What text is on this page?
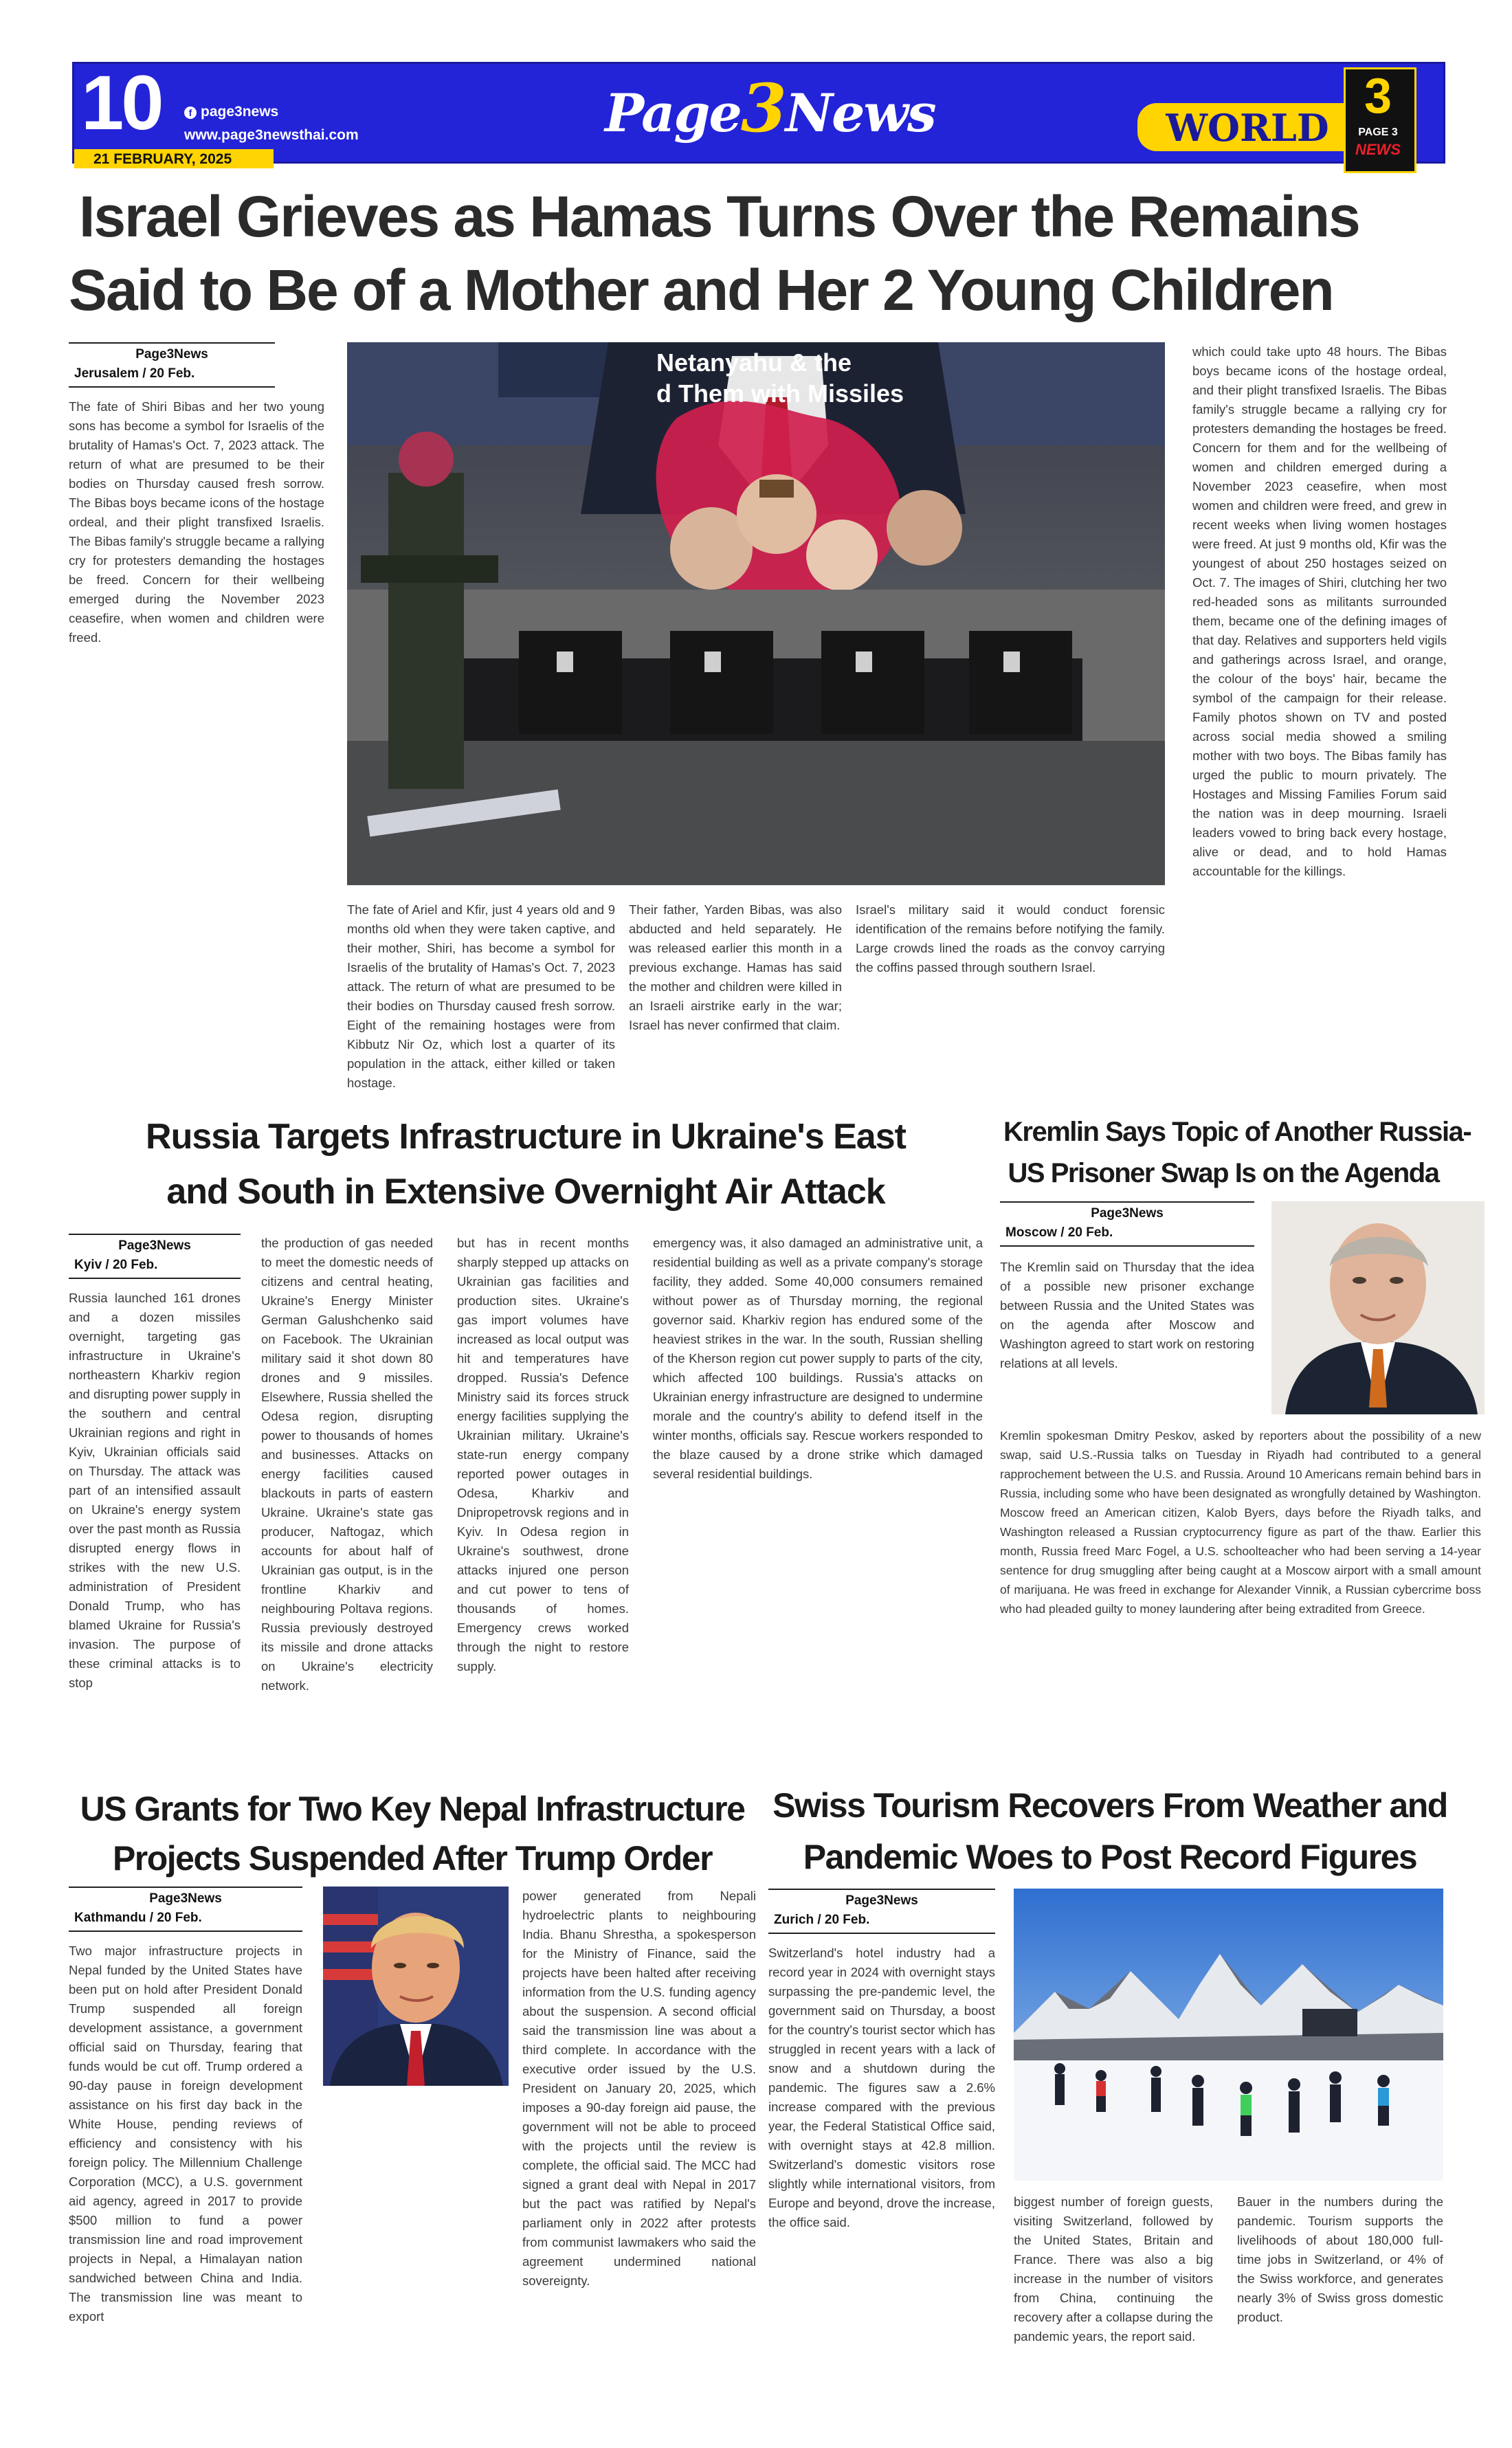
10	f page3news
www.page3newsthai.com
21 FEBRUARY, 2025
Page3News	WORLD
3
PAGE 3
NEWS
Israel Grieves as Hamas Turns Over the Remains
Said to Be of a Mother and Her 2 Young Children
Page3News
Jerusalem / 20 Feb.

The fate of Shiri Bibas and her two young sons has become a symbol for Israelis of the brutality of Hamas's Oct. 7, 2023 attack. The return of what are presumed to be their bodies on Thursday caused fresh sorrow. The Bibas boys became icons of the hostage ordeal, and their plight transfixed Israelis. The Bibas family's struggle became a rallying cry for protesters demanding the hostages be freed. Concern for their wellbeing emerged during the November 2023 ceasefire, when women and children were freed.

Netanyahu & the
d Them with Missiles

The fate of Ariel and Kfir, just 4 years old and 9 months old when they were taken captive, and their mother, Shiri, has become a symbol for Israelis of the brutality of Hamas's Oct. 7, 2023 attack. The return of what are presumed to be their bodies on Thursday caused fresh sorrow. Eight of the remaining hostages were from Kibbutz Nir Oz, which lost a quarter of its population in the attack, either killed or taken hostage.

Their father, Yarden Bibas, was also abducted and held separately. He was released earlier this month in a previous exchange. Hamas has said the mother and children were killed in an Israeli airstrike early in the war; Israel has never confirmed that claim.

Israel's military said it would conduct forensic identification of the remains before notifying the family. Large crowds lined the roads as the convoy carrying the coffins passed through southern Israel.

which could take upto 48 hours. The Bibas boys became icons of the hostage ordeal, and their plight transfixed Israelis. The Bibas family's struggle became a rallying cry for protesters demanding the hostages be freed. Concern for them and for the wellbeing of women and children emerged during a November 2023 ceasefire, when most women and children were freed, and grew in recent weeks when living women hostages were freed. At just 9 months old, Kfir was the youngest of about 250 hostages seized on Oct. 7. The images of Shiri, clutching her two red-headed sons as militants surrounded them, became one of the defining images of that day. Relatives and supporters held vigils and gatherings across Israel, and orange, the colour of the boys' hair, became the symbol of the campaign for their release. Family photos shown on TV and posted across social media showed a smiling mother with two boys. The Bibas family has urged the public to mourn privately. The Hostages and Missing Families Forum said the nation was in deep mourning. Israeli leaders vowed to bring back every hostage, alive or dead, and to hold Hamas accountable for the killings.

Russia Targets Infrastructure in Ukraine's East
and South in Extensive Overnight Air Attack
Page3News
Kyiv / 20 Feb.

Russia launched 161 drones and a dozen missiles overnight, targeting gas infrastructure in Ukraine's northeastern Kharkiv region and disrupting power supply in the southern and central Ukrainian regions and right in Kyiv, Ukrainian officials said on Thursday. The attack was part of an intensified assault on Ukraine's energy system over the past month as Russia disrupted energy flows in strikes with the new U.S. administration of President Donald Trump, who has blamed Ukraine for Russia's invasion. The purpose of these criminal attacks is to stop

the production of gas needed to meet the domestic needs of citizens and central heating, Ukraine's Energy Minister German Galushchenko said on Facebook. The Ukrainian military said it shot down 80 drones and 9 missiles. Elsewhere, Russia shelled the Odesa region, disrupting power to thousands of homes and businesses. Attacks on energy facilities caused blackouts in parts of eastern Ukraine. Ukraine's state gas producer, Naftogaz, which accounts for about half of Ukrainian gas output, is in the frontline Kharkiv and neighbouring Poltava regions. Russia previously destroyed its missile and drone attacks on Ukraine's electricity network.

but has in recent months sharply stepped up attacks on Ukrainian gas facilities and production sites. Ukraine's gas import volumes have increased as local output was hit and temperatures have dropped. Russia's Defence Ministry said its forces struck energy facilities supplying the Ukrainian military. Ukraine's state-run energy company reported power outages in Odesa, Kharkiv and Dnipropetrovsk regions and in Kyiv. In Odesa region in Ukraine's southwest, drone attacks injured one person and cut power to tens of thousands of homes. Emergency crews worked through the night to restore supply.

emergency was, it also damaged an administrative unit, a residential building as well as a private company's storage facility, they added. Some 40,000 consumers remained without power as of Thursday morning, the regional governor said. Kharkiv region has endured some of the heaviest strikes in the war. In the south, Russian shelling of the Kherson region cut power supply to parts of the city, which affected 100 buildings. Russia's attacks on Ukrainian energy infrastructure are designed to undermine morale and the country's ability to defend itself in the winter months, officials say. Rescue workers responded to the blaze caused by a drone strike which damaged several residential buildings.

Kremlin Says Topic of Another Russia-
US Prisoner Swap Is on the Agenda
Page3News
Moscow / 20 Feb.

The Kremlin said on Thursday that the idea of a possible new prisoner exchange between Russia and the United States was on the agenda after Moscow and Washington agreed to start work on restoring relations at all levels.

Kremlin spokesman Dmitry Peskov, asked by reporters about the possibility of a new swap, said U.S.-Russia talks on Tuesday in Riyadh had contributed to a general rapprochement between the U.S. and Russia. Around 10 Americans remain behind bars in Russia, including some who have been designated as wrongfully detained by Washington. Moscow freed an American citizen, Kalob Byers, days before the Riyadh talks, and Washington released a Russian cryptocurrency figure as part of the thaw. Earlier this month, Russia freed Marc Fogel, a U.S. schoolteacher who had been serving a 14-year sentence for drug smuggling after being caught at a Moscow airport with a small amount of marijuana. He was freed in exchange for Alexander Vinnik, a Russian cybercrime boss who had pleaded guilty to money laundering after being extradited from Greece.

US Grants for Two Key Nepal Infrastructure
Projects Suspended After Trump Order
Page3News
Kathmandu / 20 Feb.

Two major infrastructure projects in Nepal funded by the United States have been put on hold after President Donald Trump suspended all foreign development assistance, a government official said on Thursday, fearing that funds would be cut off. Trump ordered a 90-day pause in foreign development assistance on his first day back in the White House, pending reviews of efficiency and consistency with his foreign policy. The Millennium Challenge Corporation (MCC), a U.S. government aid agency, agreed in 2017 to provide $500 million to fund a power transmission line and road improvement projects in Nepal, a Himalayan nation sandwiched between China and India. The transmission line was meant to export

power generated from Nepali hydroelectric plants to neighbouring India. Bhanu Shrestha, a spokesperson for the Ministry of Finance, said the projects have been halted after receiving information from the U.S. funding agency about the suspension. A second official said the transmission line was about a third complete. In accordance with the executive order issued by the U.S. President on January 20, 2025, which imposes a 90-day foreign aid pause, the government will not be able to proceed with the projects until the review is complete, the official said. The MCC had signed a grant deal with Nepal in 2017 but the pact was ratified by Nepal's parliament only in 2022 after protests from communist lawmakers who said the agreement undermined national sovereignty.

Swiss Tourism Recovers From Weather and
Pandemic Woes to Post Record Figures
Page3News
Zurich / 20 Feb.

Switzerland's hotel industry had a record year in 2024 with overnight stays surpassing the pre-pandemic level, the government said on Thursday, a boost for the country's tourist sector which has struggled in recent years with a lack of snow and a shutdown during the pandemic. The figures saw a 2.6% increase compared with the previous year, the Federal Statistical Office said, with overnight stays at 42.8 million. Switzerland's domestic visitors rose slightly while international visitors, from Europe and beyond, drove the increase, the office said.

biggest number of foreign guests, visiting Switzerland, followed by the United States, Britain and France. There was also a big increase in the number of visitors from China, continuing the recovery after a collapse during the pandemic years, the report said.

Bauer in the numbers during the pandemic. Tourism supports the livelihoods of about 180,000 full-time jobs in Switzerland, or 4% of the Swiss workforce, and generates nearly 3% of Swiss gross domestic product.
